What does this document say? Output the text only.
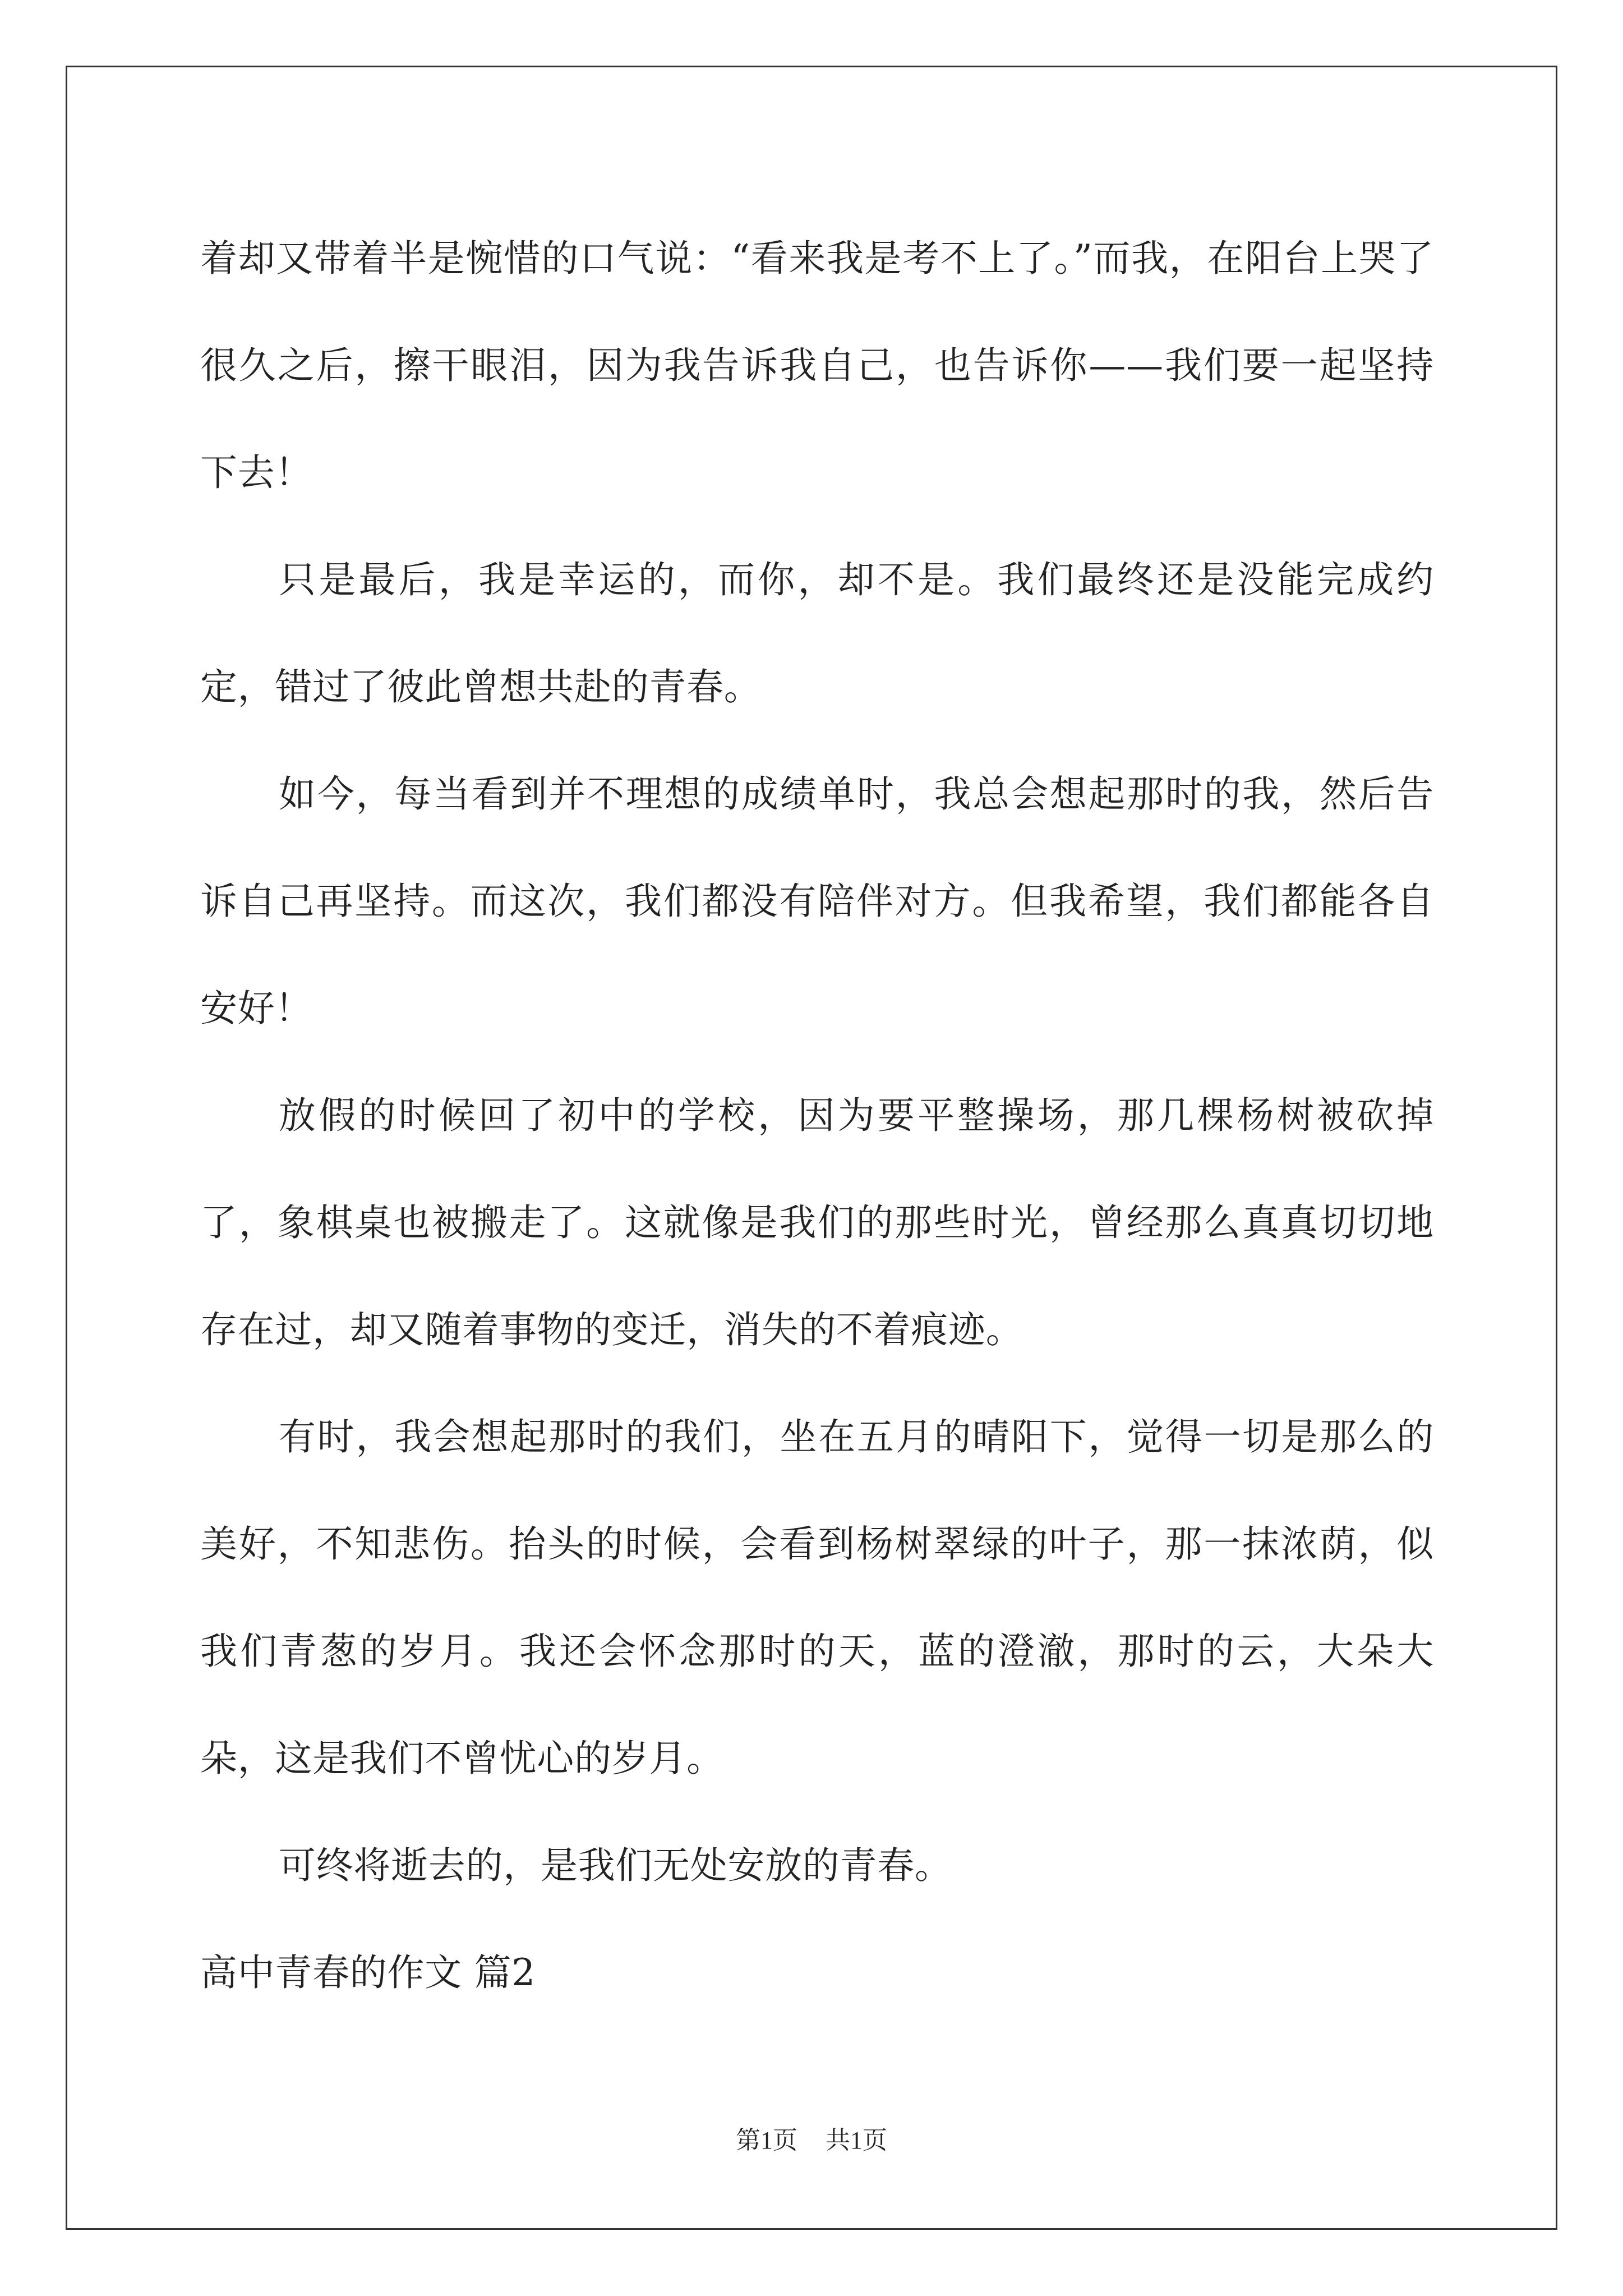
着却又带着半是惋惜的口气说：“看来我是考不上了。”而我，在阳台上哭了很久之后，擦干眼泪，因为我告诉我自己，也告诉你——我们要一起坚持下去！

只是最后，我是幸运的，而你，却不是。我们最终还是没能完成约定，错过了彼此曾想共赴的青春。

如今，每当看到并不理想的成绩单时，我总会想起那时的我，然后告诉自己再坚持。而这次，我们都没有陪伴对方。但我希望，我们都能各自安好！

放假的时候回了初中的学校，因为要平整操场，那几棵杨树被砍掉了，象棋桌也被搬走了。这就像是我们的那些时光，曾经那么真真切切地存在过，却又随着事物的变迁，消失的不着痕迹。

有时，我会想起那时的我们，坐在五月的晴阳下，觉得一切是那么的美好，不知悲伤。抬头的时候，会看到杨树翠绿的叶子，那一抹浓荫，似我们青葱的岁月。我还会怀念那时的天，蓝的澄澈，那时的云，大朵大朵，这是我们不曾忧心的岁月。

可终将逝去的，是我们无处安放的青春。

高中青春的作文 篇2

第1页 共1页
